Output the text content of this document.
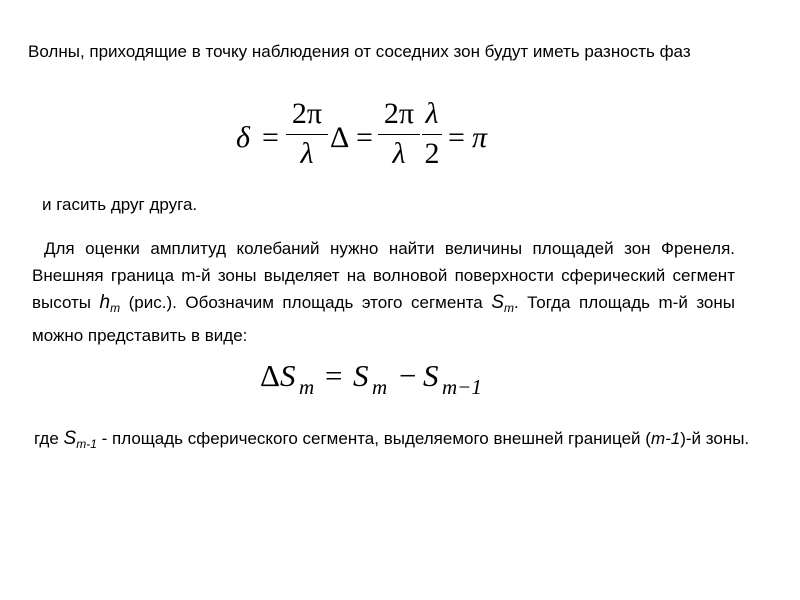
Волны, приходящие в точку наблюдения от соседних зон будут иметь разность фаз
δ =
2π
λ Δ =
2π
λ
λ
2 = π
и гасить друг друга.
Для оценки амплитуд колебаний нужно найти величины площадей зон Френеля. Внешняя граница m-й зоны выделяет на волновой поверхности сферический сегмент высоты $h_m$ (рис.). Обозначим площадь этого сегмента $S_m$. Тогда площадь m-й зоны можно представить в виде:
Δ S m = S m − S m−1
где $S_{m-1}$ - площадь сферического сегмента, выделяемого внешней границей (m-1)-й зоны.
